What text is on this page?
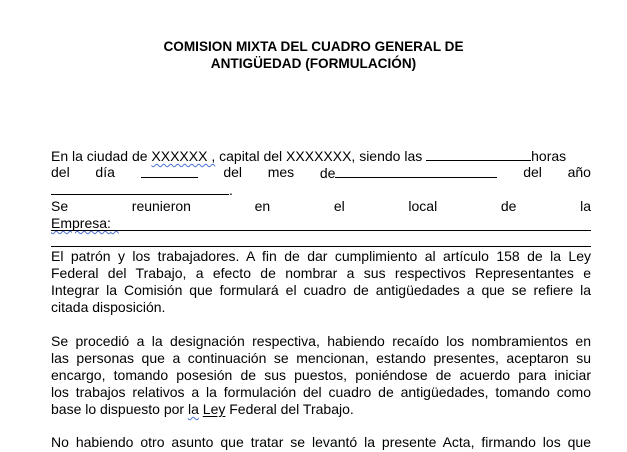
COMISION MIXTA DEL CUADRO GENERAL DE
ANTIGÜEDAD (FORMULACIÓN)
En la ciudad de XXXXXX , capital del XXXXXXX, siendo las	horas
del día	del mes de	del año
.
Se	reunieron	en	el	local	de	la
Empresa:
El patrón y los trabajadores. A fin de dar cumplimiento al artículo 158 de la Ley
Federal del Trabajo, a efecto de nombrar a sus respectivos Representantes e
Integrar la Comisión que formulará el cuadro de antigüedades a que se refiere la
citada disposición.
Se procedió a la designación respectiva, habiendo recaído los nombramientos en
las personas que a continuación se mencionan, estando presentes, aceptaron su
encargo, tomando posesión de sus puestos, poniéndose de acuerdo para iniciar
los trabajos relativos a la formulación del cuadro de antigüedades, tomando como
base lo dispuesto por la Ley Federal del Trabajo.
No habiendo otro asunto que tratar se levantó la presente Acta, firmando los que
